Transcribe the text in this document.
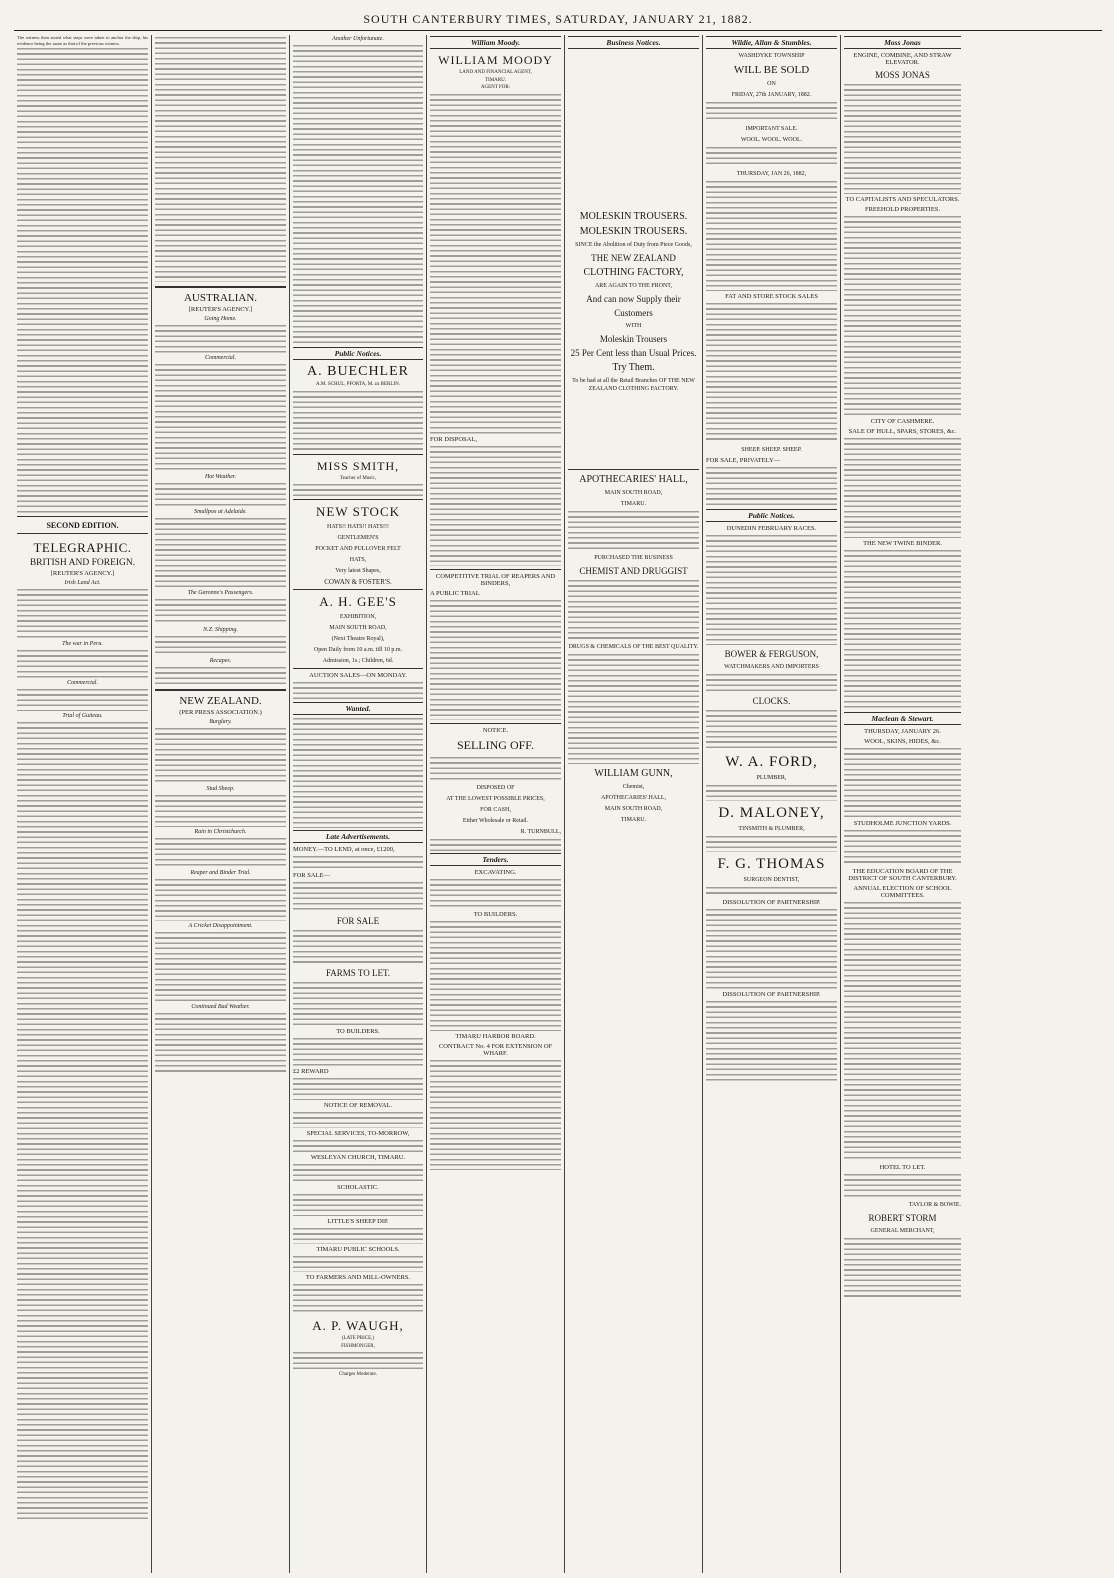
SOUTH CANTERBURY TIMES, SATURDAY, JANUARY 21, 1882.

The witness then stated what steps were taken to anchor the ship, his evidence being the same as that of the previous witness.

SECOND EDITION.
TELEGRAPHIC.
BRITISH AND FOREIGN.
[REUTER'S AGENCY.]
Irish Land Act.
The war in Peru.
Commercial.
Trial of Guiteau.
AUSTRALIAN.
[REUTER'S AGENCY.]
Going Home.
Commercial.
Hot Weather.
Smallpox at Adelaide.
The Garonne's Passengers.
N.Z. Shipping.
Recapes.
NEW ZEALAND.
(PER PRESS ASSOCIATION.)
Burglary.
Stud Sheep.
Rain in Christchurch.
Reaper and Binder Trial.
A Cricket Disappointment.
Continued Bad Weather.
Another Unfortunate.
Public Notices.
A. BUECHLER
A.M. SCHUL, PFORTA, M. zu BERLIN.
MISS SMITH,
Teacher of Music,
NEW STOCK
HATS!! HATS!! HATS!!!
GENTLEMEN'S
POCKET AND PULLOVER FELT
HATS,
Very latest Shapes,
COWAN & FOSTER'S.
A. H. GEE'S
EXHIBITION,
MAIN SOUTH ROAD,
(Next Theatre Royal),
Open Daily from 10 a.m. till 10 p.m.
Admission, 1s.; Children, 6d.
AUCTION SALES—ON MONDAY.
Wanted.
Late Advertisements.
MONEY.—TO LEND, at once, £1200,
FOR SALE—
FOR SALE
FARMS TO LET.
TO BUILDERS.
£2 REWARD
NOTICE OF REMOVAL.
SPECIAL SERVICES, TO-MORROW,
WESLEYAN CHURCH, TIMARU.
SCHOLASTIC.
LITTLE'S SHEEP DIP.
TIMARU PUBLIC SCHOOLS.
TO FARMERS AND MILL-OWNERS.
A. P. WAUGH,
(LATE PRICE,)
FISHMONGER,
Charges Moderate.
William Moody.
WILLIAM MOODY
LAND AND FINANCIAL AGENT,
TIMARU.
AGENT FOR:
FOR DISPOSAL,
COMPETITIVE TRIAL OF REAPERS AND BINDERS,
A PUBLIC TRIAL
NOTICE.
SELLING OFF.
DISPOSED OF
AT THE LOWEST POSSIBLE PRICES,
FOR CASH,
Either Wholesale or Retail.
R. TURNBULL,
Tenders.
EXCAVATING.
TO BUILDERS.
TIMARU HARBOR BOARD.
CONTRACT No. 4 FOR EXTENSION OF WHARF.
Business Notices.
MOLESKIN TROUSERS.
MOLESKIN TROUSERS.
SINCE the Abolition of Duty from Piece Goods,
THE NEW ZEALAND
CLOTHING FACTORY,
ARE AGAIN TO THE FRONT,
And can now Supply their
Customers
WITH
Moleskin Trousers
25 Per Cent less than Usual Prices.
Try Them.
To be had at all the Retail Branches OF THE NEW ZEALAND CLOTHING FACTORY.
APOTHECARIES' HALL,
MAIN SOUTH ROAD,
TIMARU.
PURCHASED THE BUSINESS
CHEMIST AND DRUGGIST
DRUGS & CHEMICALS OF THE BEST QUALITY.
WILLIAM GUNN,
Chemist,
APOTHECARIES' HALL,
MAIN SOUTH ROAD,
TIMARU.
Wildie, Allan & Stumbles.
WASHDYKE TOWNSHIP
WILL BE SOLD
ON
FRIDAY, 27th JANUARY, 1882.
IMPORTANT SALE.
WOOL. WOOL. WOOL.
THURSDAY, JAN 26, 1882,
FAT AND STORE STOCK SALES
SHEEP. SHEEP. SHEEP.
FOR SALE, PRIVATELY—
Public Notices.
DUNEDIN FEBRUARY RACES.
BOWER & FERGUSON,
WATCHMAKERS AND IMPORTERS
CLOCKS.
W. A. FORD,
PLUMBER,
D. MALONEY,
TINSMITH & PLUMBER,
F. G. THOMAS
SURGEON DENTIST,
DISSOLUTION OF PARTNERSHIP.
DISSOLUTION OF PARTNERSHIP.
Moss Jonas
ENGINE, COMBINE, AND STRAW ELEVATOR.
MOSS JONAS
TO CAPITALISTS AND SPECULATORS.
FREEHOLD PROPERTIES.
CITY OF CASHMERE.
SALE OF HULL, SPARS, STORES, &c.
THE NEW TWINE BINDER.
Maclean & Stewart.
THURSDAY, JANUARY 26.
WOOL, SKINS, HIDES, &c.
STUDHOLME JUNCTION YARDS.
THE EDUCATION BOARD OF THE DISTRICT OF SOUTH CANTERBURY.
ANNUAL ELECTION OF SCHOOL COMMITTEES.
HOTEL TO LET.
TAYLOR & BOWIE.
ROBERT STORM
GENERAL MERCHANT,
